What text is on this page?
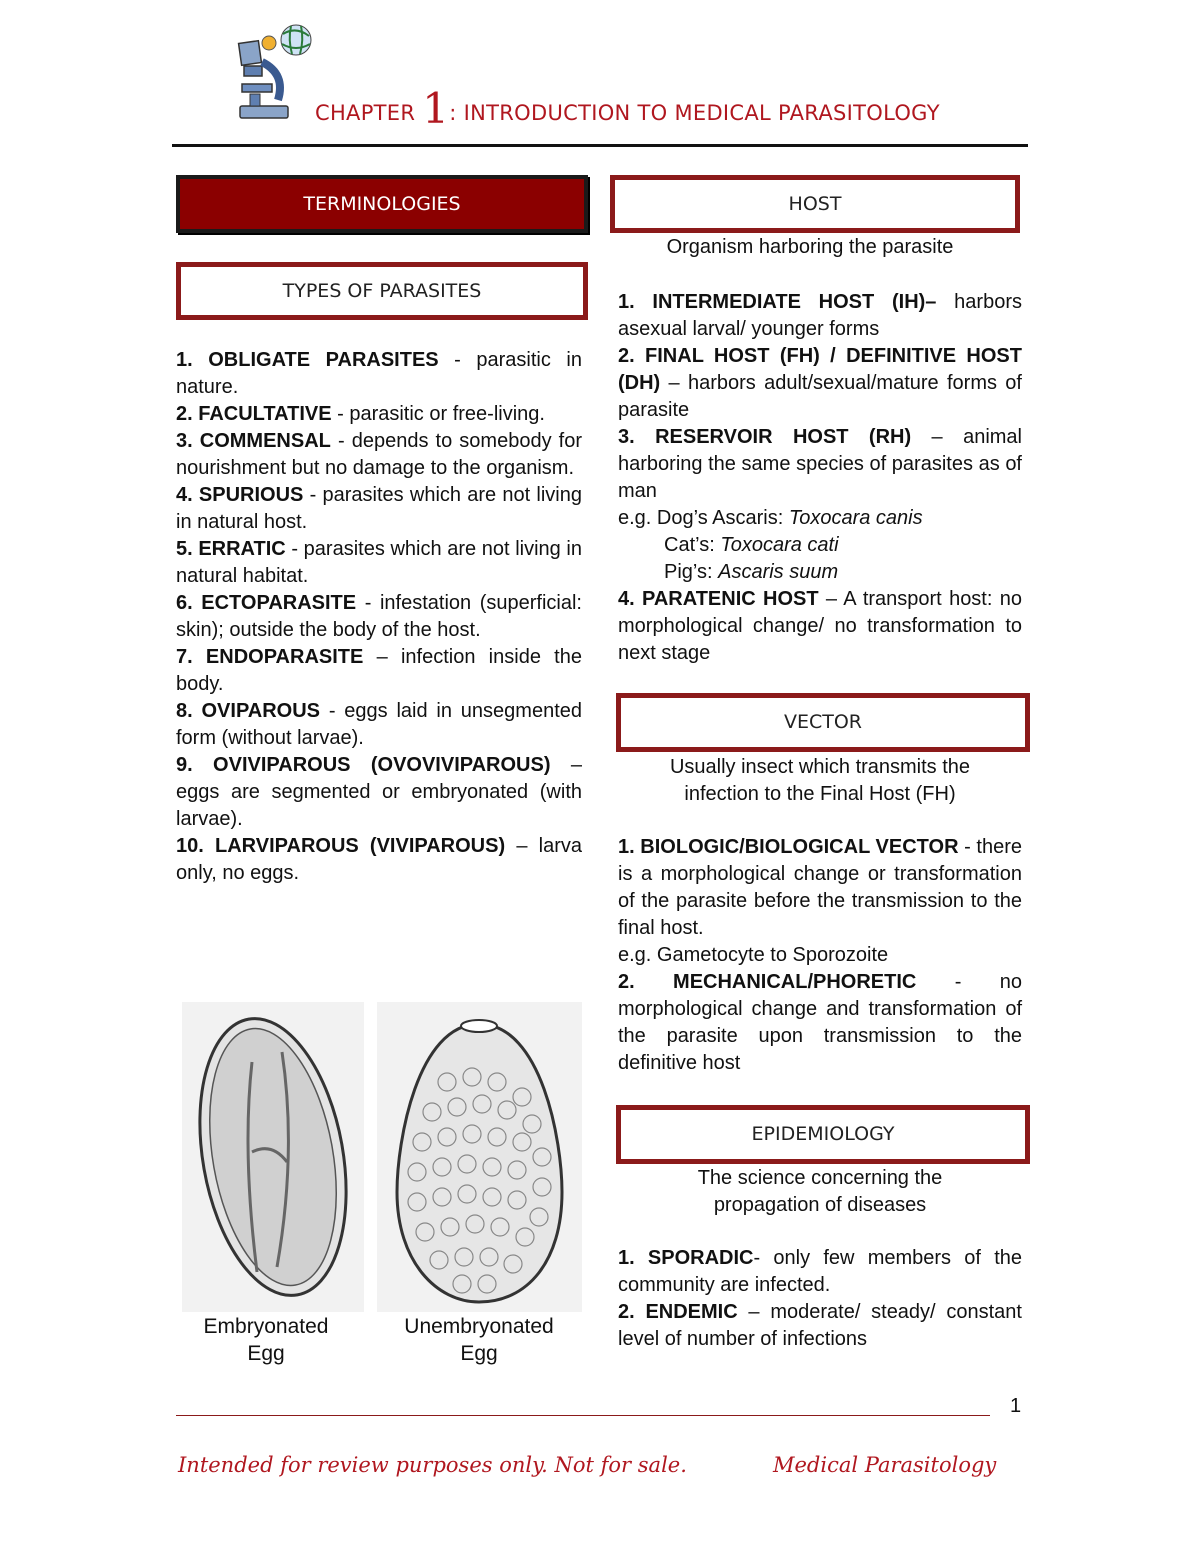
CHAPTER 1: INTRODUCTION TO MEDICAL PARASITOLOGY
TERMINOLOGIES
TYPES OF PARASITES

1. OBLIGATE PARASITES - parasitic in nature.

2. FACULTATIVE - parasitic or free-living.

3. COMMENSAL - depends to somebody for nourishment but no damage to the organism.

4. SPURIOUS - parasites which are not living in natural host.

5. ERRATIC - parasites which are not living in natural habitat.

6. ECTOPARASITE - infestation (superficial: skin); outside the body of the host.

7. ENDOPARASITE – infection inside the body.

8. OVIPAROUS - eggs laid in unsegmented form (without larvae).

9. OVIVIPAROUS (OVOVIVIPAROUS) – eggs are segmented or embryonated (with larvae).

10. LARVIPAROUS (VIVIPAROUS) – larva only, no eggs.

Embryonated
Egg
Unembryonated
Egg
HOST
Organism harboring the parasite

1. INTERMEDIATE HOST (IH)– harbors asexual larval/ younger forms

2. FINAL HOST (FH) / DEFINITIVE HOST (DH) – harbors adult/sexual/mature forms of parasite

3. RESERVOIR HOST (RH) – animal harboring the same species of parasites as of man

e.g. Dog’s Ascaris: Toxocara canis

Cat’s: Toxocara cati

Pig’s: Ascaris suum

4. PARATENIC HOST – A transport host: no morphological change/ no transformation to next stage

VECTOR
Usually insect which transmits the
infection to the Final Host (FH)

1. BIOLOGIC/BIOLOGICAL VECTOR - there is a morphological change or transformation of the parasite before the transmission to the final host.

e.g. Gametocyte to Sporozoite

2. MECHANICAL/PHORETIC - no morphological change and transformation of the parasite upon transmission to the definitive host

EPIDEMIOLOGY
The science concerning the
propagation of diseases

1. SPORADIC- only few members of the community are infected.

2. ENDEMIC – moderate/ steady/ constant level of number of infections

1
Intended for review purposes only. Not for sale.	Medical Parasitology
